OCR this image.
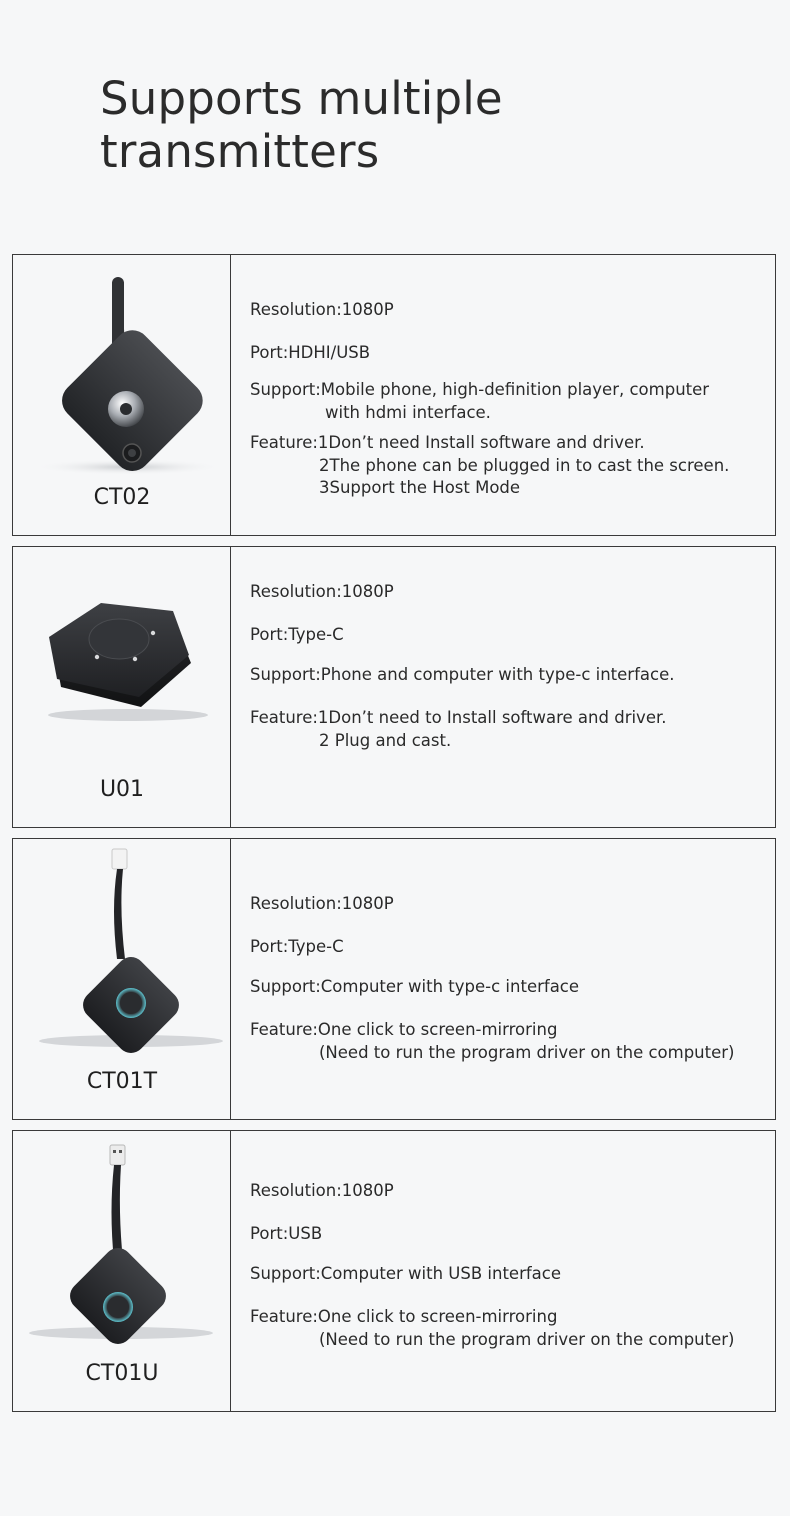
Supports multiple
transmitters
CT02
Resolution:1080P
Port:HDHI/USB
Support:Mobile phone, high-definition player, computer
with hdmi interface.
Feature:1Don’t need Install software and driver.
2The phone can be plugged in to cast the screen.
3Support the Host Mode
U01
Resolution:1080P
Port:Type-C
Support:Phone and computer with type-c interface.
Feature:1Don’t need to Install software and driver.
2 Plug and cast.
CT01T
Resolution:1080P
Port:Type-C
Support:Computer with type-c interface
Feature:One click to screen-mirroring
(Need to run the program driver on the computer)
CT01U
Resolution:1080P
Port:USB
Support:Computer with USB interface
Feature:One click to screen-mirroring
(Need to run the program driver on the computer)
